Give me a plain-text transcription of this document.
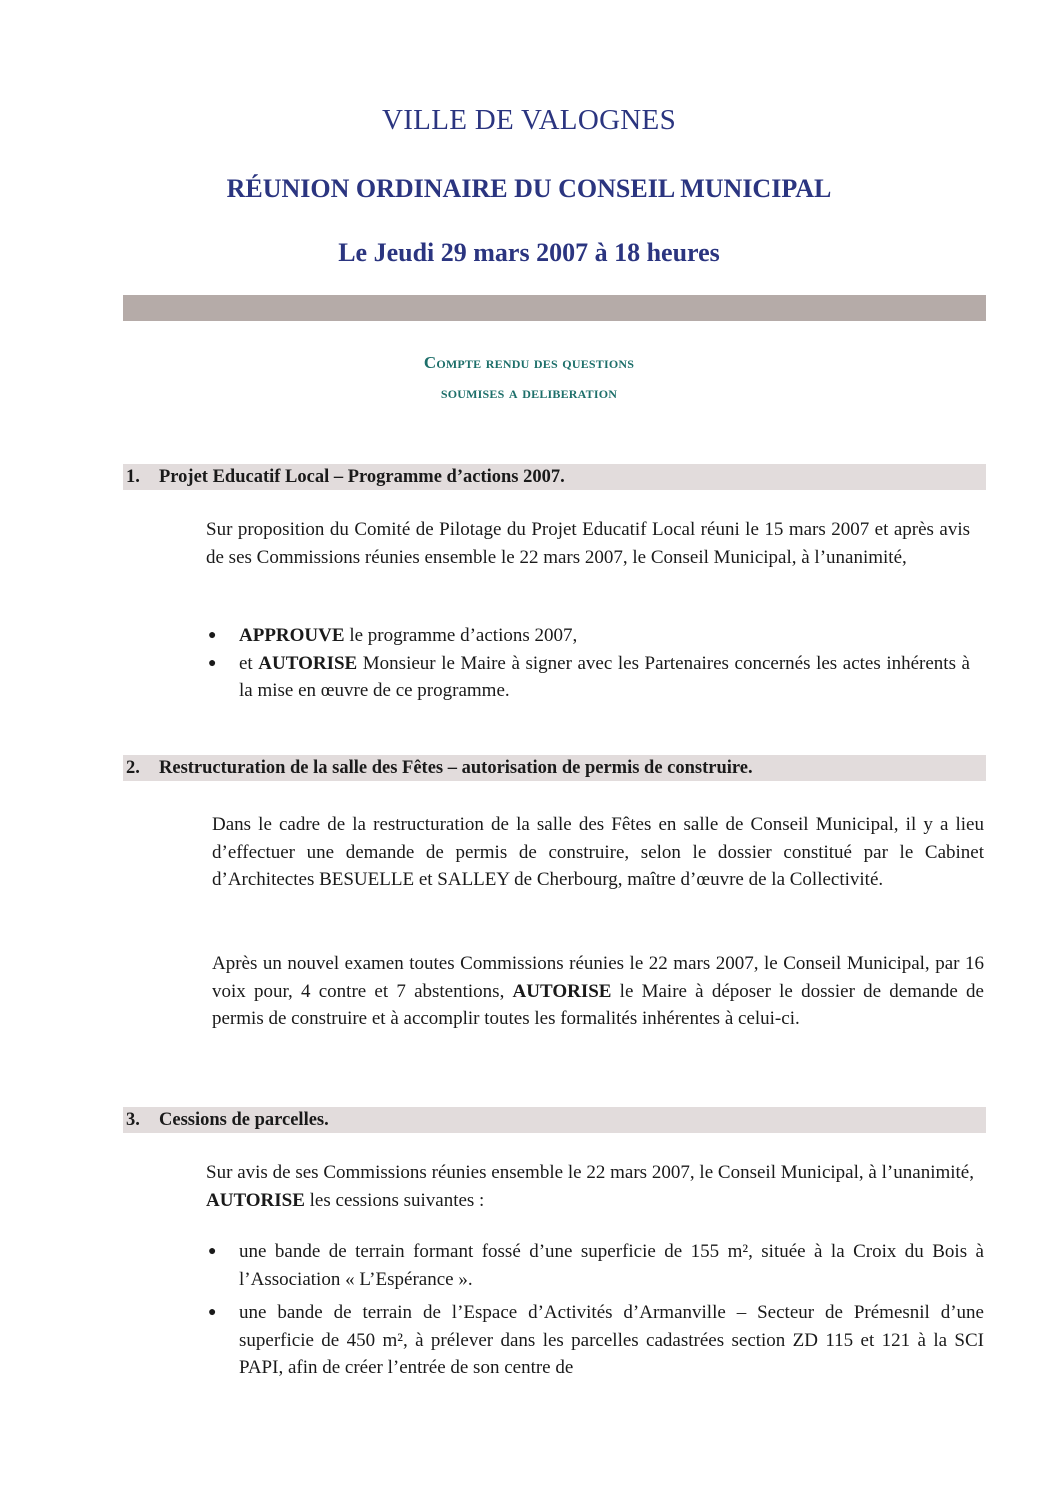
VILLE DE VALOGNES
RÉUNION ORDINAIRE DU CONSEIL MUNICIPAL
Le Jeudi 29 mars 2007 à 18 heures
Compte rendu des questions
soumises a deliberation
1. Projet Educatif Local – Programme d’actions 2007.

Sur proposition du Comité de Pilotage du Projet Educatif Local réuni le 15 mars 2007 et après avis de ses Commissions réunies ensemble le 22 mars 2007, le Conseil Municipal, à l’unanimité,

● APPROUVE le programme d’actions 2007,
● et AUTORISE Monsieur le Maire à signer avec les Partenaires concernés les actes inhérents à la mise en œuvre de ce programme.
2. Restructuration de la salle des Fêtes – autorisation de permis de construire.

Dans le cadre de la restructuration de la salle des Fêtes en salle de Conseil Municipal, il y a lieu d’effectuer une demande de permis de construire, selon le dossier constitué par le Cabinet d’Architectes BESUELLE et SALLEY de Cherbourg, maître d’œuvre de la Collectivité.

Après un nouvel examen toutes Commissions réunies le 22 mars 2007, le Conseil Municipal, par 16 voix pour, 4 contre et 7 abstentions, AUTORISE le Maire à déposer le dossier de demande de permis de construire et à accomplir toutes les formalités inhérentes à celui-ci.

3. Cessions de parcelles.

Sur avis de ses Commissions réunies ensemble le 22 mars 2007, le Conseil Municipal, à l’unanimité, AUTORISE les cessions suivantes :

● une bande de terrain formant fossé d’une superficie de 155 m², située à la Croix du Bois à l’Association « L’Espérance ».
● une bande de terrain de l’Espace d’Activités d’Armanville – Secteur de Prémesnil d’une superficie de 450 m², à prélever dans les parcelles cadastrées section ZD 115 et 121 à la SCI PAPI, afin de créer l’entrée de son centre de
